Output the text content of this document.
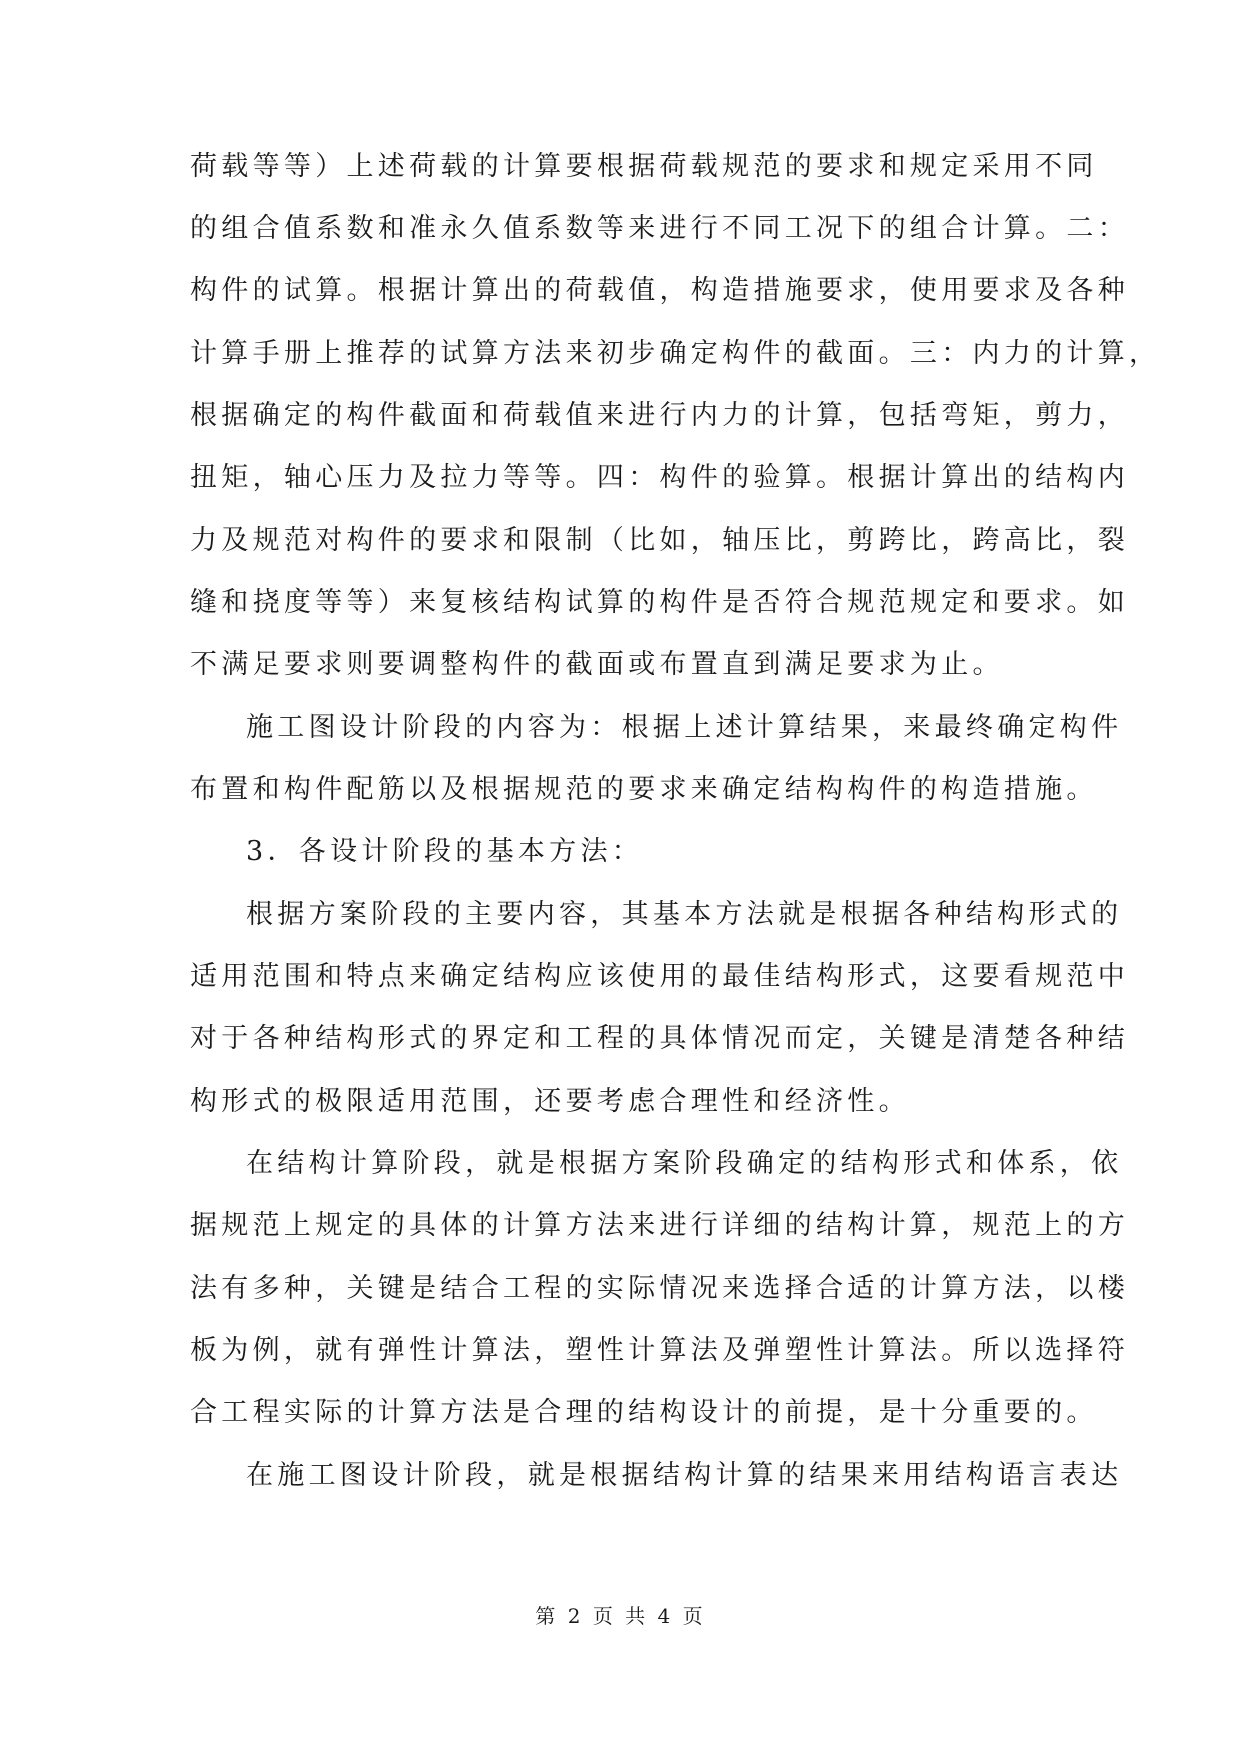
荷载等等）上述荷载的计算要根据荷载规范的要求和规定采用不同
的组合值系数和准永久值系数等来进行不同工况下的组合计算。二：
构件的试算。根据计算出的荷载值，构造措施要求，使用要求及各种
计算手册上推荐的试算方法来初步确定构件的截面。三：内力的计算，
根据确定的构件截面和荷载值来进行内力的计算，包括弯矩，剪力，
扭矩，轴心压力及拉力等等。四：构件的验算。根据计算出的结构内
力及规范对构件的要求和限制（比如，轴压比，剪跨比，跨高比，裂
缝和挠度等等）来复核结构试算的构件是否符合规范规定和要求。如
不满足要求则要调整构件的截面或布置直到满足要求为止。
施工图设计阶段的内容为：根据上述计算结果，来最终确定构件
布置和构件配筋以及根据规范的要求来确定结构构件的构造措施。
3．各设计阶段的基本方法：
根据方案阶段的主要内容，其基本方法就是根据各种结构形式的
适用范围和特点来确定结构应该使用的最佳结构形式，这要看规范中
对于各种结构形式的界定和工程的具体情况而定，关键是清楚各种结
构形式的极限适用范围，还要考虑合理性和经济性。
在结构计算阶段，就是根据方案阶段确定的结构形式和体系，依
据规范上规定的具体的计算方法来进行详细的结构计算，规范上的方
法有多种，关键是结合工程的实际情况来选择合适的计算方法，以楼
板为例，就有弹性计算法，塑性计算法及弹塑性计算法。所以选择符
合工程实际的计算方法是合理的结构设计的前提，是十分重要的。
在施工图设计阶段，就是根据结构计算的结果来用结构语言表达
第 2 页 共 4 页
